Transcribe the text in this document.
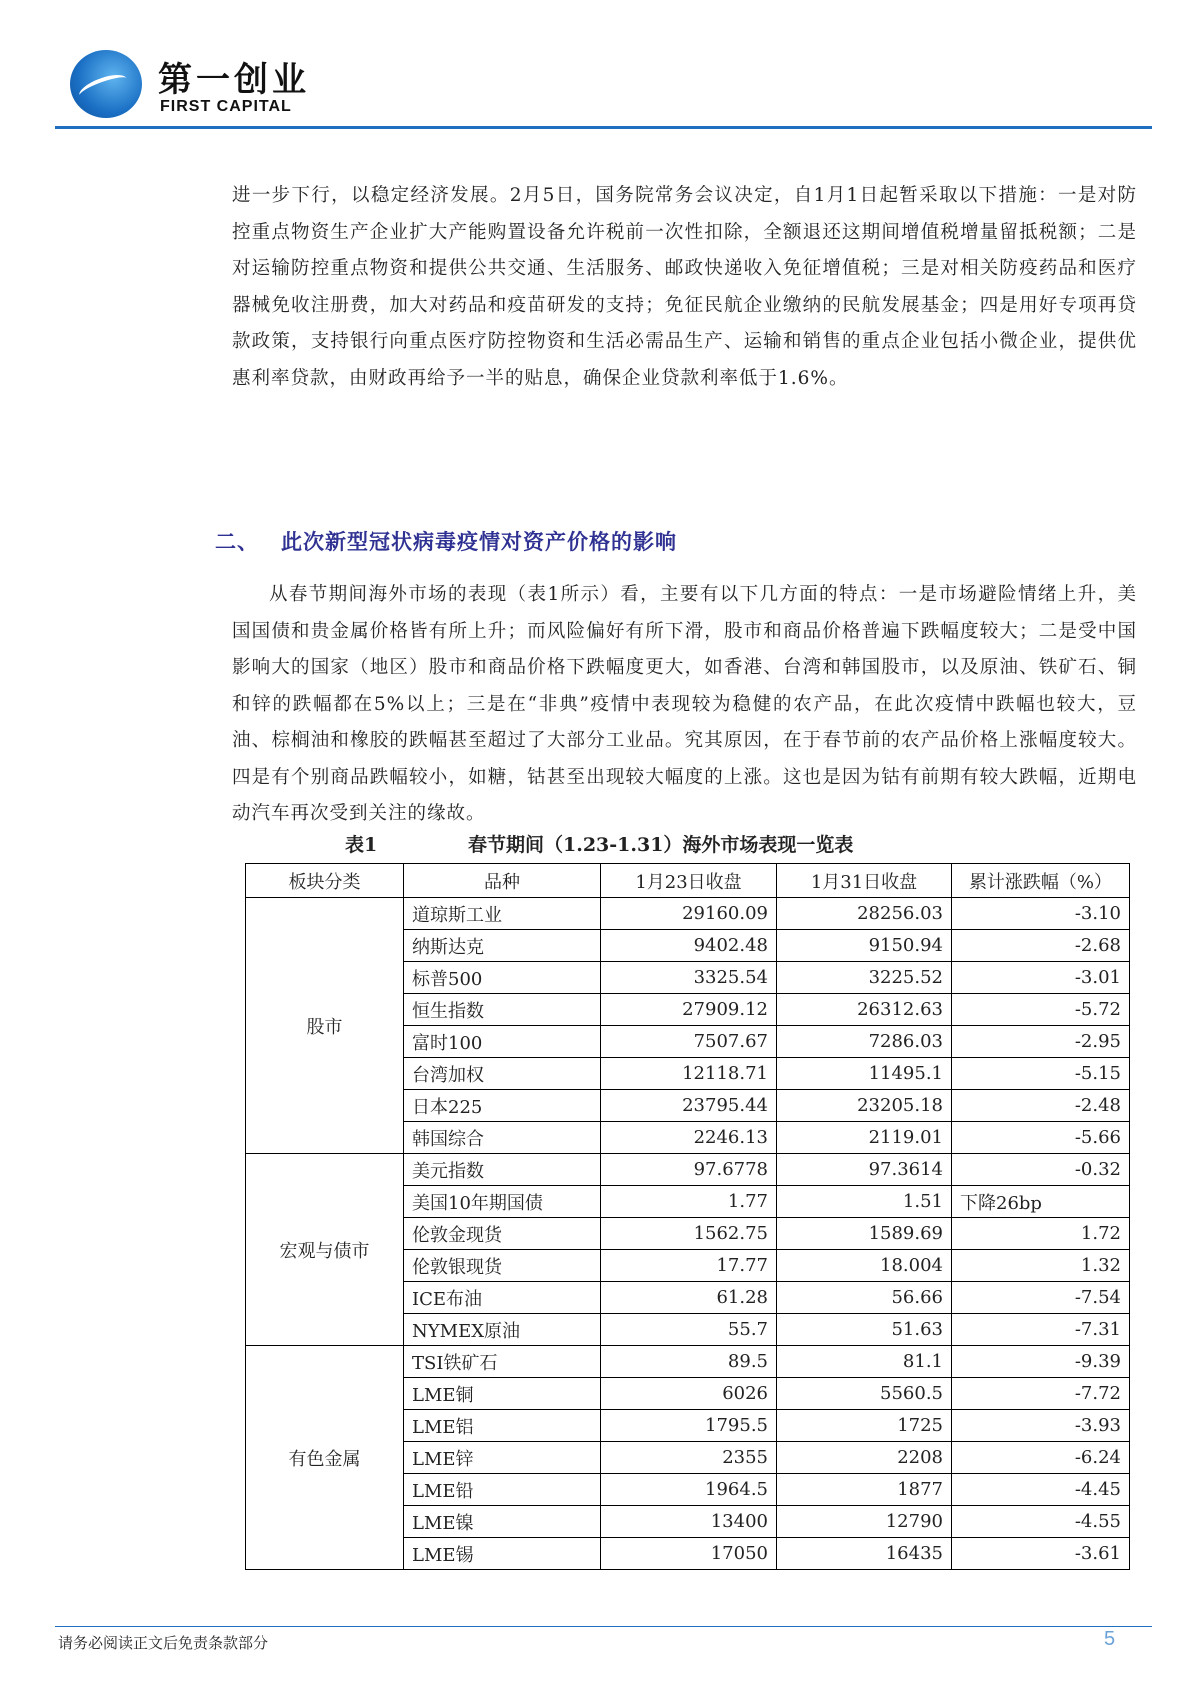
第一创业
FIRST CAPITAL
进一步下行，以稳定经济发展。2月5日，国务院常务会议决定，自1月1日起暂采取以下措施：一是对防控重点物资生产企业扩大产能购置设备允许税前一次性扣除，全额退还这期间增值税增量留抵税额；二是对运输防控重点物资和提供公共交通、生活服务、邮政快递收入免征增值税；三是对相关防疫药品和医疗器械免收注册费，加大对药品和疫苗研发的支持；免征民航企业缴纳的民航发展基金；四是用好专项再贷款政策，支持银行向重点医疗防控物资和生活必需品生产、运输和销售的重点企业包括小微企业，提供优惠利率贷款，由财政再给予一半的贴息，确保企业贷款利率低于1.6%。
二、 此次新型冠状病毒疫情对资产价格的影响
从春节期间海外市场的表现（表1所示）看，主要有以下几方面的特点：一是市场避险情绪上升，美国国债和贵金属价格皆有所上升；而风险偏好有所下滑，股市和商品价格普遍下跌幅度较大；二是受中国影响大的国家（地区）股市和商品价格下跌幅度更大，如香港、台湾和韩国股市，以及原油、铁矿石、铜和锌的跌幅都在5%以上；三是在“非典”疫情中表现较为稳健的农产品，在此次疫情中跌幅也较大，豆油、棕榈油和橡胶的跌幅甚至超过了大部分工业品。究其原因，在于春节前的农产品价格上涨幅度较大。四是有个别商品跌幅较小，如糖，钴甚至出现较大幅度的上涨。这也是因为钴有前期有较大跌幅，近期电动汽车再次受到关注的缘故。
表1	春节期间（1.23-1.31）海外市场表现一览表
板块分类	品种	1月23日收盘	1月31日收盘	累计涨跌幅（%）
股市	道琼斯工业	29160.09	28256.03	-3.10
	纳斯达克	9402.48	9150.94	-2.68
	标普500	3325.54	3225.52	-3.01
	恒生指数	27909.12	26312.63	-5.72
	富时100	7507.67	7286.03	-2.95
	台湾加权	12118.71	11495.1	-5.15
	日本225	23795.44	23205.18	-2.48
	韩国综合	2246.13	2119.01	-5.66
宏观与债市	美元指数	97.6778	97.3614	-0.32
	美国10年期国债	1.77	1.51	下降26bp
	伦敦金现货	1562.75	1589.69	1.72
	伦敦银现货	17.77	18.004	1.32
	ICE布油	61.28	56.66	-7.54
	NYMEX原油	55.7	51.63	-7.31
有色金属	TSI铁矿石	89.5	81.1	-9.39
	LME铜	6026	5560.5	-7.72
	LME铝	1795.5	1725	-3.93
	LME锌	2355	2208	-6.24
	LME铅	1964.5	1877	-4.45
	LME镍	13400	12790	-4.55
	LME锡	17050	16435	-3.61
请务必阅读正文后免责条款部分	5
